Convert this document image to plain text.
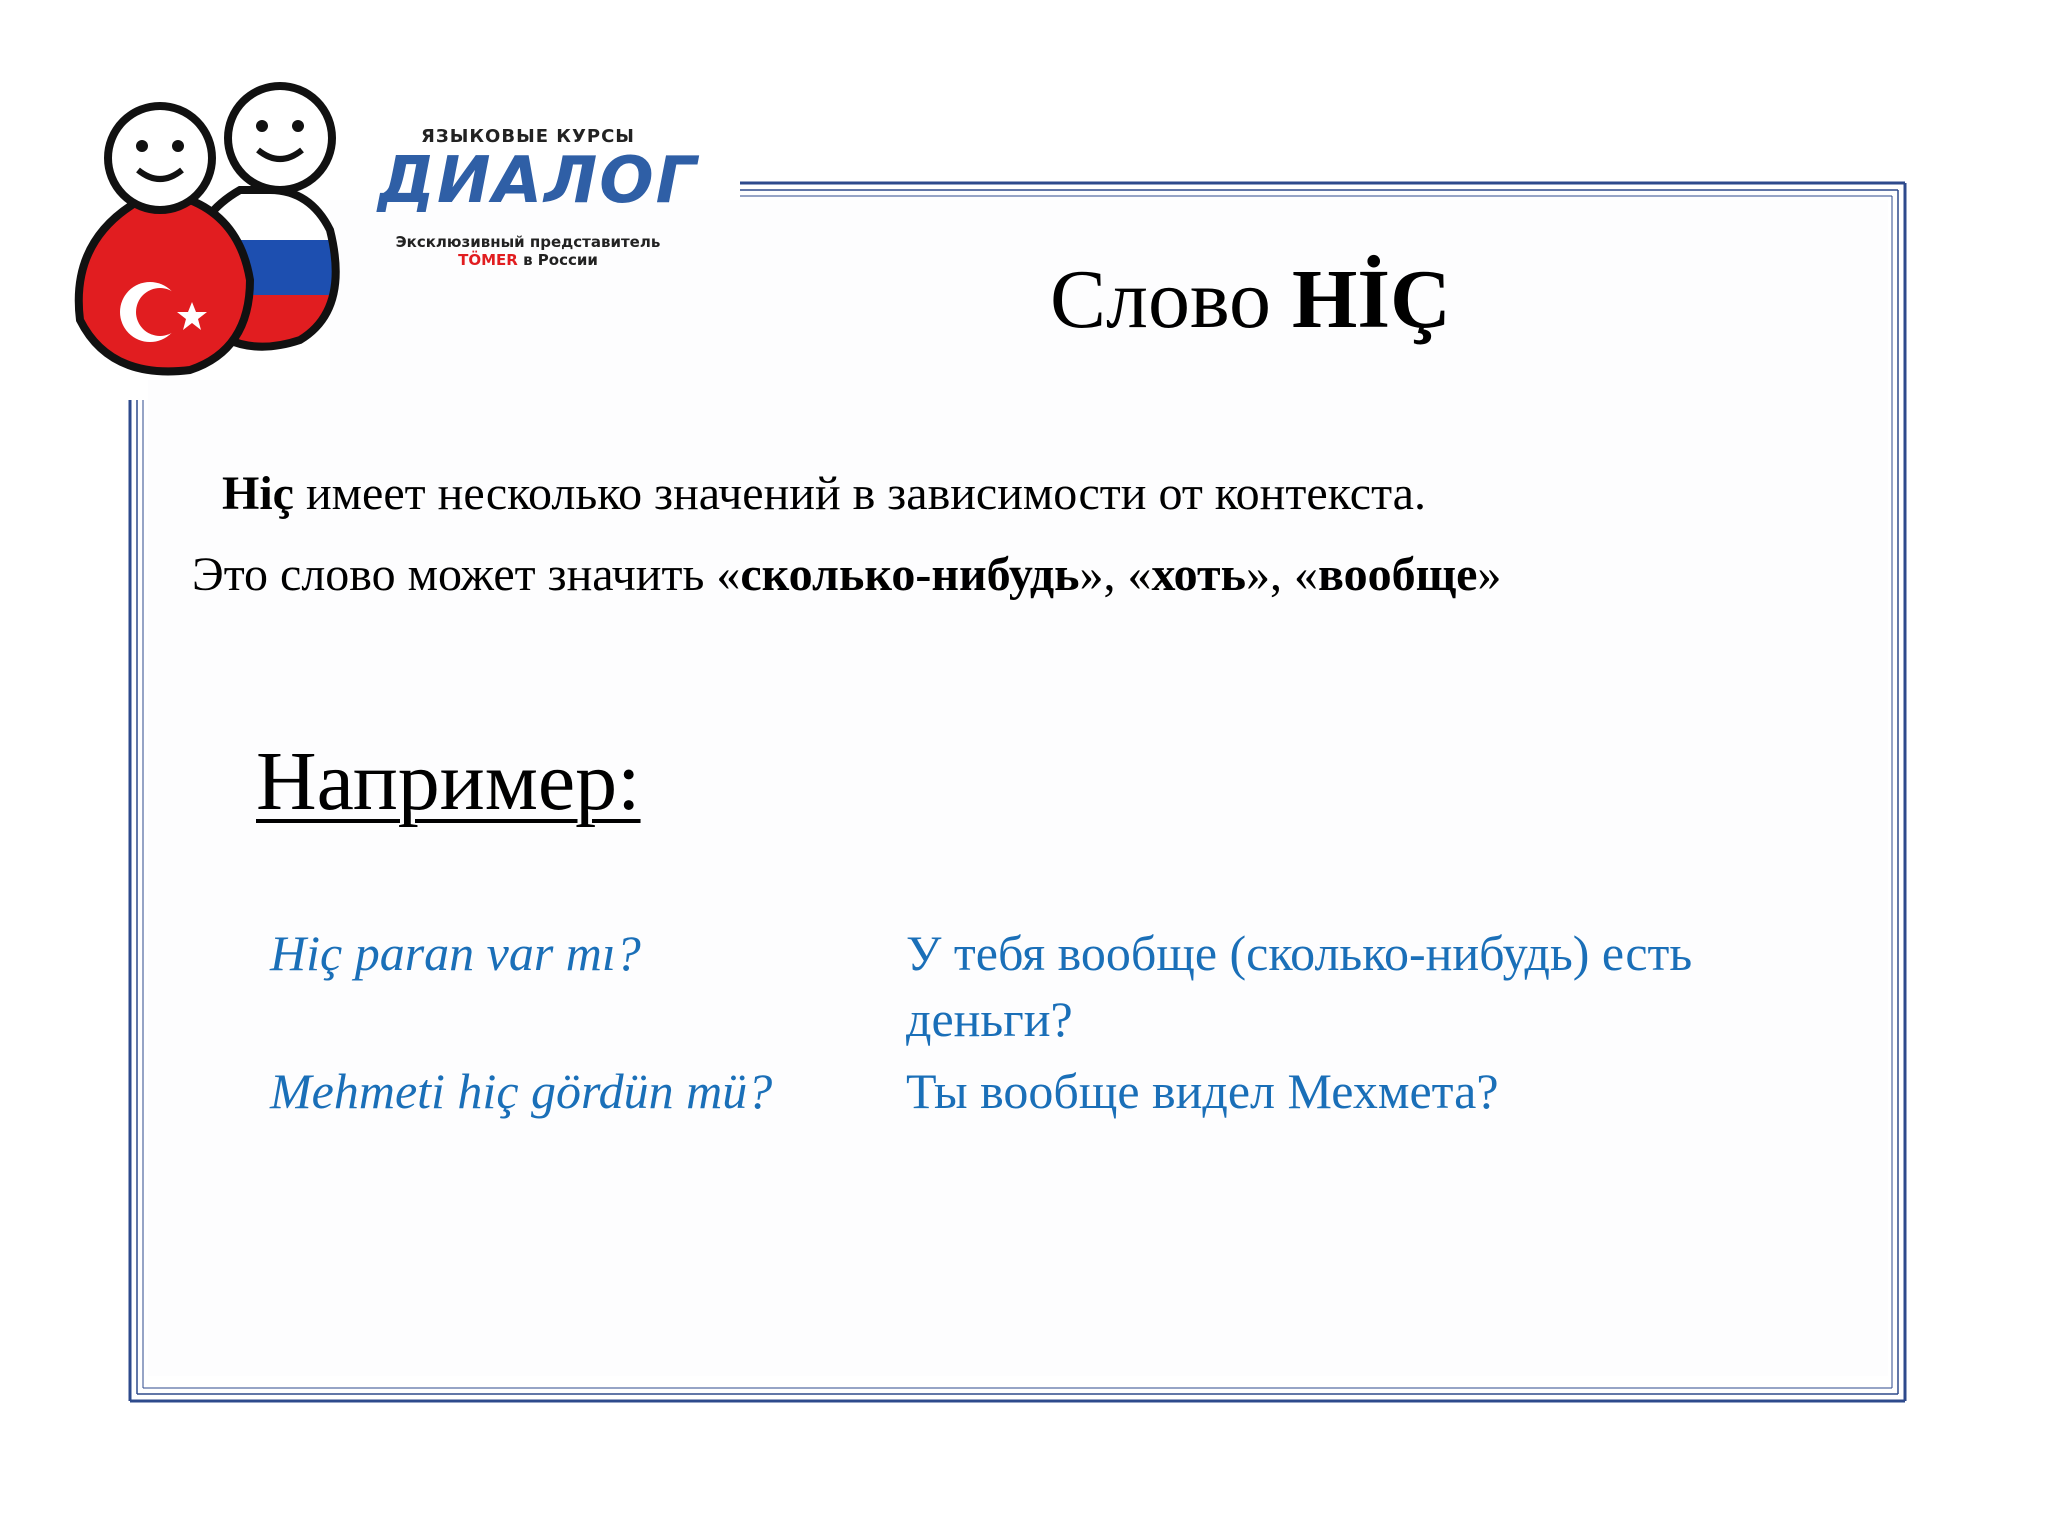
ЯЗЫКОВЫЕ КУРСЫ
ДИАЛОГ
Эксклюзивный представитель
TÖMER в России	Слово HİÇ
Hiç имеет несколько значений в зависимости от контекста.
Это слово может значить «сколько-нибудь», «хоть», «вообще»
Например:
Hiç paran var mı?	У тебя вообще (сколько-нибудь) есть деньги?
Mehmeti hiç gördün mü?	Ты вообще видел Мехмета?
